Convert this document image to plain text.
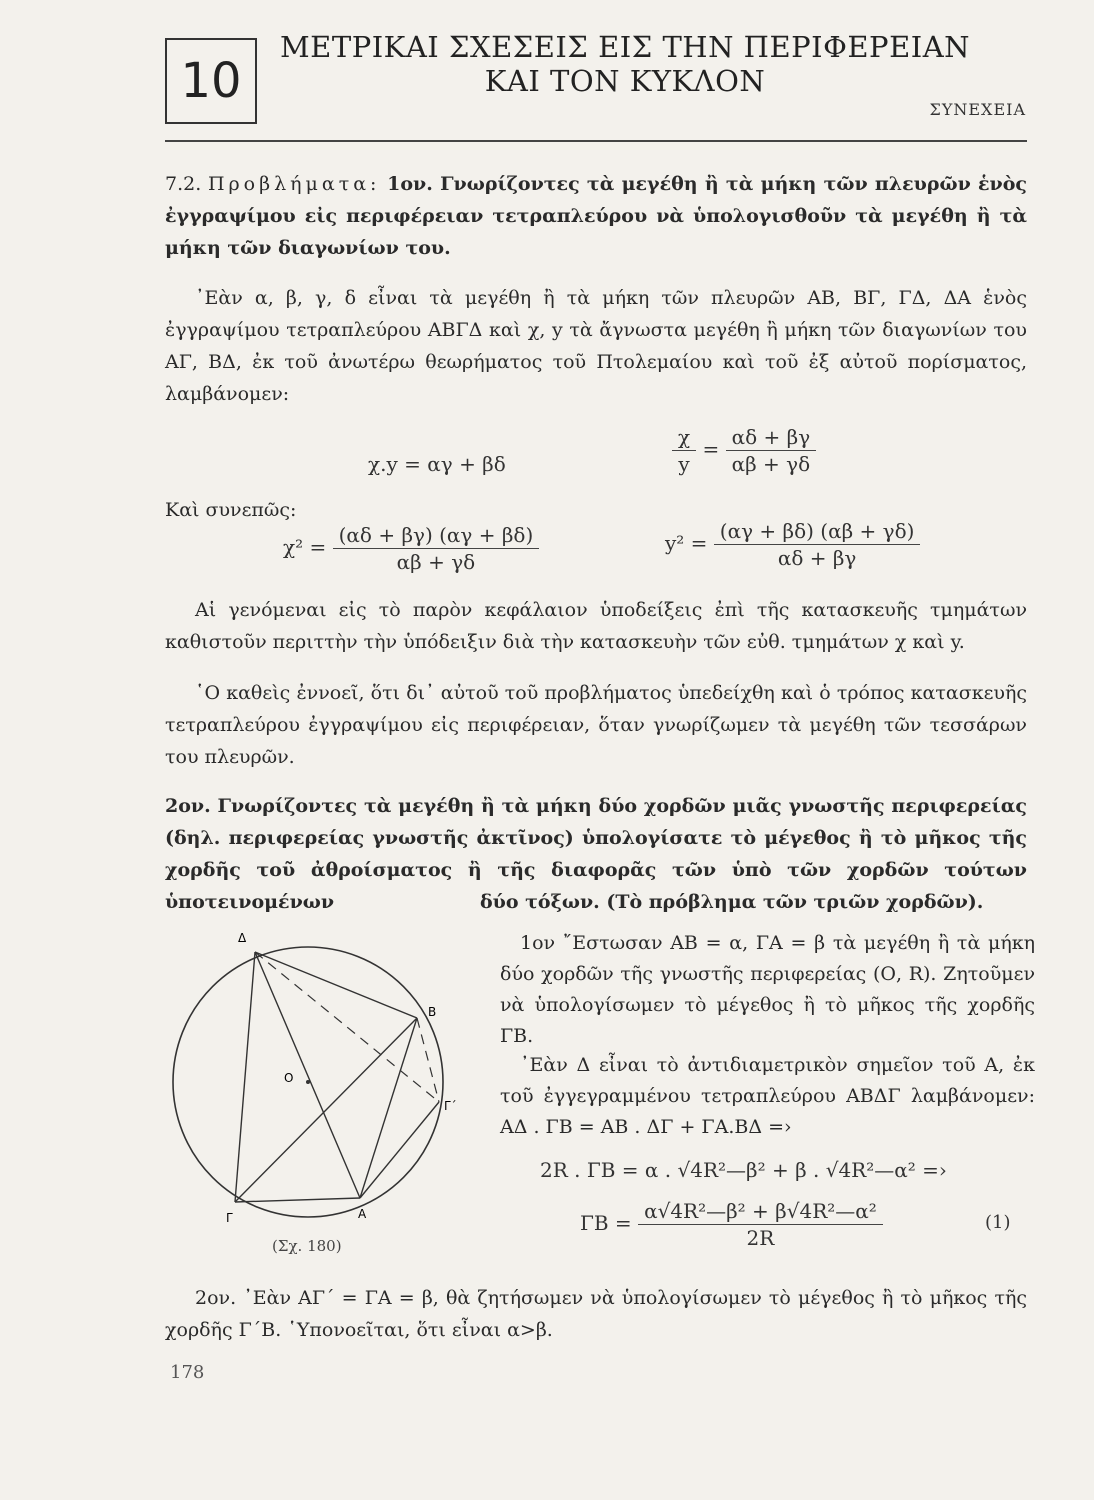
10
ΜΕΤΡΙΚΑΙ ΣΧΕΣΕΙΣ ΕΙΣ ΤΗΝ ΠΕΡΙΦΕΡΕΙΑΝ
ΚΑΙ ΤΟΝ ΚΥΚΛΟΝ
ΣΥΝΕΧΕΙΑ
7.2. Προβλήματα: 1ον. Γνωρίζοντες τὰ μεγέθη ἢ τὰ μήκη τῶν πλευρῶν ἑνὸς ἐγγραψίμου εἰς περιφέρειαν τετραπλεύρου νὰ ὑπολογισθοῦν τὰ μεγέθη ἢ τὰ μήκη τῶν διαγωνίων του.
᾿Εὰν α, β, γ, δ εἶναι τὰ μεγέθη ἢ τὰ μήκη τῶν πλευρῶν ΑΒ, ΒΓ, ΓΔ, ΔΑ ἑνὸς ἐγγραψίμου τετραπλεύρου ΑΒΓΔ καὶ χ, y τὰ ἄγνωστα μεγέθη ἢ μήκη τῶν διαγωνίων του ΑΓ, ΒΔ, ἐκ τοῦ ἀνωτέρω θεωρήματος τοῦ Πτολεμαίου καὶ τοῦ ἐξ αὐτοῦ πορίσματος, λαμβάνομεν:
χ.y = αγ + βδ	$\frac{\chi}{y} = \frac{\alpha\delta + \beta\gamma}{\alpha\beta + \gamma\delta}$
Καὶ συνεπῶς:
$\chi^2 = \frac{(\alpha\delta + \beta\gamma) (\alpha\gamma + \beta\delta)}{\alpha\beta + \gamma\delta}$	$y^2 = \frac{(\alpha\gamma + \beta\delta) (\alpha\beta + \gamma\delta)}{\alpha\delta + \beta\gamma}$
Αἱ γενόμεναι εἰς τὸ παρὸν κεφάλαιον ὑποδείξεις ἐπὶ τῆς κατασκευῆς τμημάτων καθιστοῦν περιττὴν τὴν ὑπόδειξιν διὰ τὴν κατασκευὴν τῶν εὐθ. τμημάτων χ καὶ y.
῾Ο καθεὶς ἐννοεῖ, ὅτι δι᾿ αὐτοῦ τοῦ προβλήματος ὑπεδείχθη καὶ ὁ τρόπος κατασκευῆς τετραπλεύρου ἐγγραψίμου εἰς περιφέρειαν, ὅταν γνωρίζωμεν τὰ μεγέθη τῶν τεσσάρων του πλευρῶν.
2ον. Γνωρίζοντες τὰ μεγέθη ἢ τὰ μήκη δύο χορδῶν μιᾶς γνωστῆς περιφερείας (δηλ. περιφερείας γνωστῆς ἀκτῖνος) ὑπολογίσατε τὸ μέγεθος ἢ τὸ μῆκος τῆς χορδῆς τοῦ ἀθροίσματος ἢ τῆς διαφορᾶς τῶν ὑπὸ τῶν χορδῶν τούτων ὑποτεινομένων	δύο τόξων. (Τὸ πρόβλημα τῶν τριῶν χορδῶν).
Δ
Β
Ο
Γ΄
Γ	Α
(Σχ. 180)
1ον ῎Εστωσαν ΑΒ = α, ΓΑ = β τὰ μεγέθη ἢ τὰ μήκη δύο χορδῶν τῆς γνωστῆς περιφερείας (Ο, R). Ζητοῦμεν νὰ ὑπολογίσωμεν τὸ μέγεθος ἢ τὸ μῆκος τῆς χορδῆς ΓΒ.
᾿Εὰν Δ εἶναι τὸ ἀντιδιαμετρικὸν σημεῖον τοῦ Α, ἐκ τοῦ ἐγγεγραμμένου τετραπλεύρου ΑΒΔΓ λαμβάνομεν: ΑΔ . ΓΒ = ΑΒ . ΔΓ + ΓΑ.ΒΔ =›
2R . ΓΒ = α . √4R²—β² + β . √4R²—α² =›
$\Gamma B = \frac{\text{α√4R²—β² + β√4R²—α²}}{2R}$	(1)
2ον. ᾿Εὰν ΑΓ΄ = ΓΑ = β, θὰ ζητήσωμεν νὰ ὑπολογίσωμεν τὸ μέγεθος ἢ τὸ μῆκος τῆς χορδῆς Γ΄Β. ῾Υπονοεῖται, ὅτι εἶναι α>β.
178
